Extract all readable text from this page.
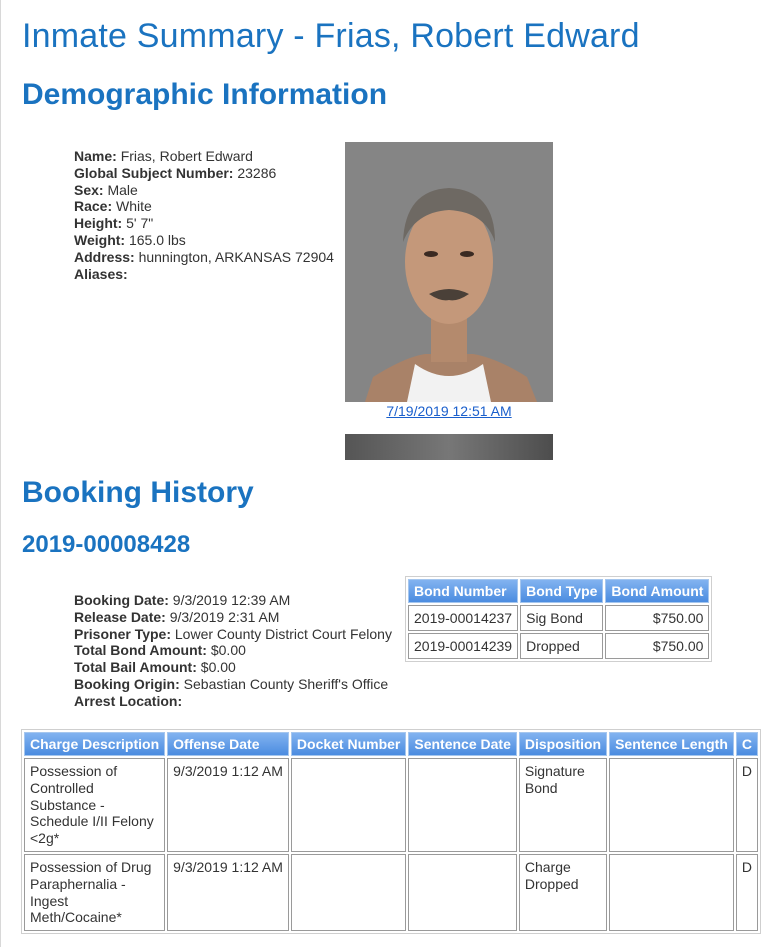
Inmate Summary - Frias, Robert Edward
Demographic Information
Name: Frias, Robert Edward
Global Subject Number: 23286
Sex: Male
Race: White
Height: 5' 7"
Weight: 165.0 lbs
Address: hunnington, ARKANSAS 72904
Aliases:
7/19/2019 12:51 AM
Booking History
2019-00008428
Booking Date: 9/3/2019 12:39 AM
Release Date: 9/3/2019 2:31 AM
Prisoner Type: Lower County District Court Felony
Total Bond Amount: $0.00
Total Bail Amount: $0.00
Booking Origin: Sebastian County Sheriff's Office
Arrest Location:
Bond Number	Bond Type	Bond Amount
2019-00014237	Sig Bond	$750.00
2019-00014239	Dropped	$750.00
Charge Description	Offense Date	Docket Number	Sentence Date	Disposition	Sentence Length	C
Possession of Controlled Substance - Schedule I/II Felony <2g*	9/3/2019 1:12 AM			Signature Bond		D
Possession of Drug Paraphernalia - Ingest Meth/Cocaine*	9/3/2019 1:12 AM			Charge Dropped		D
